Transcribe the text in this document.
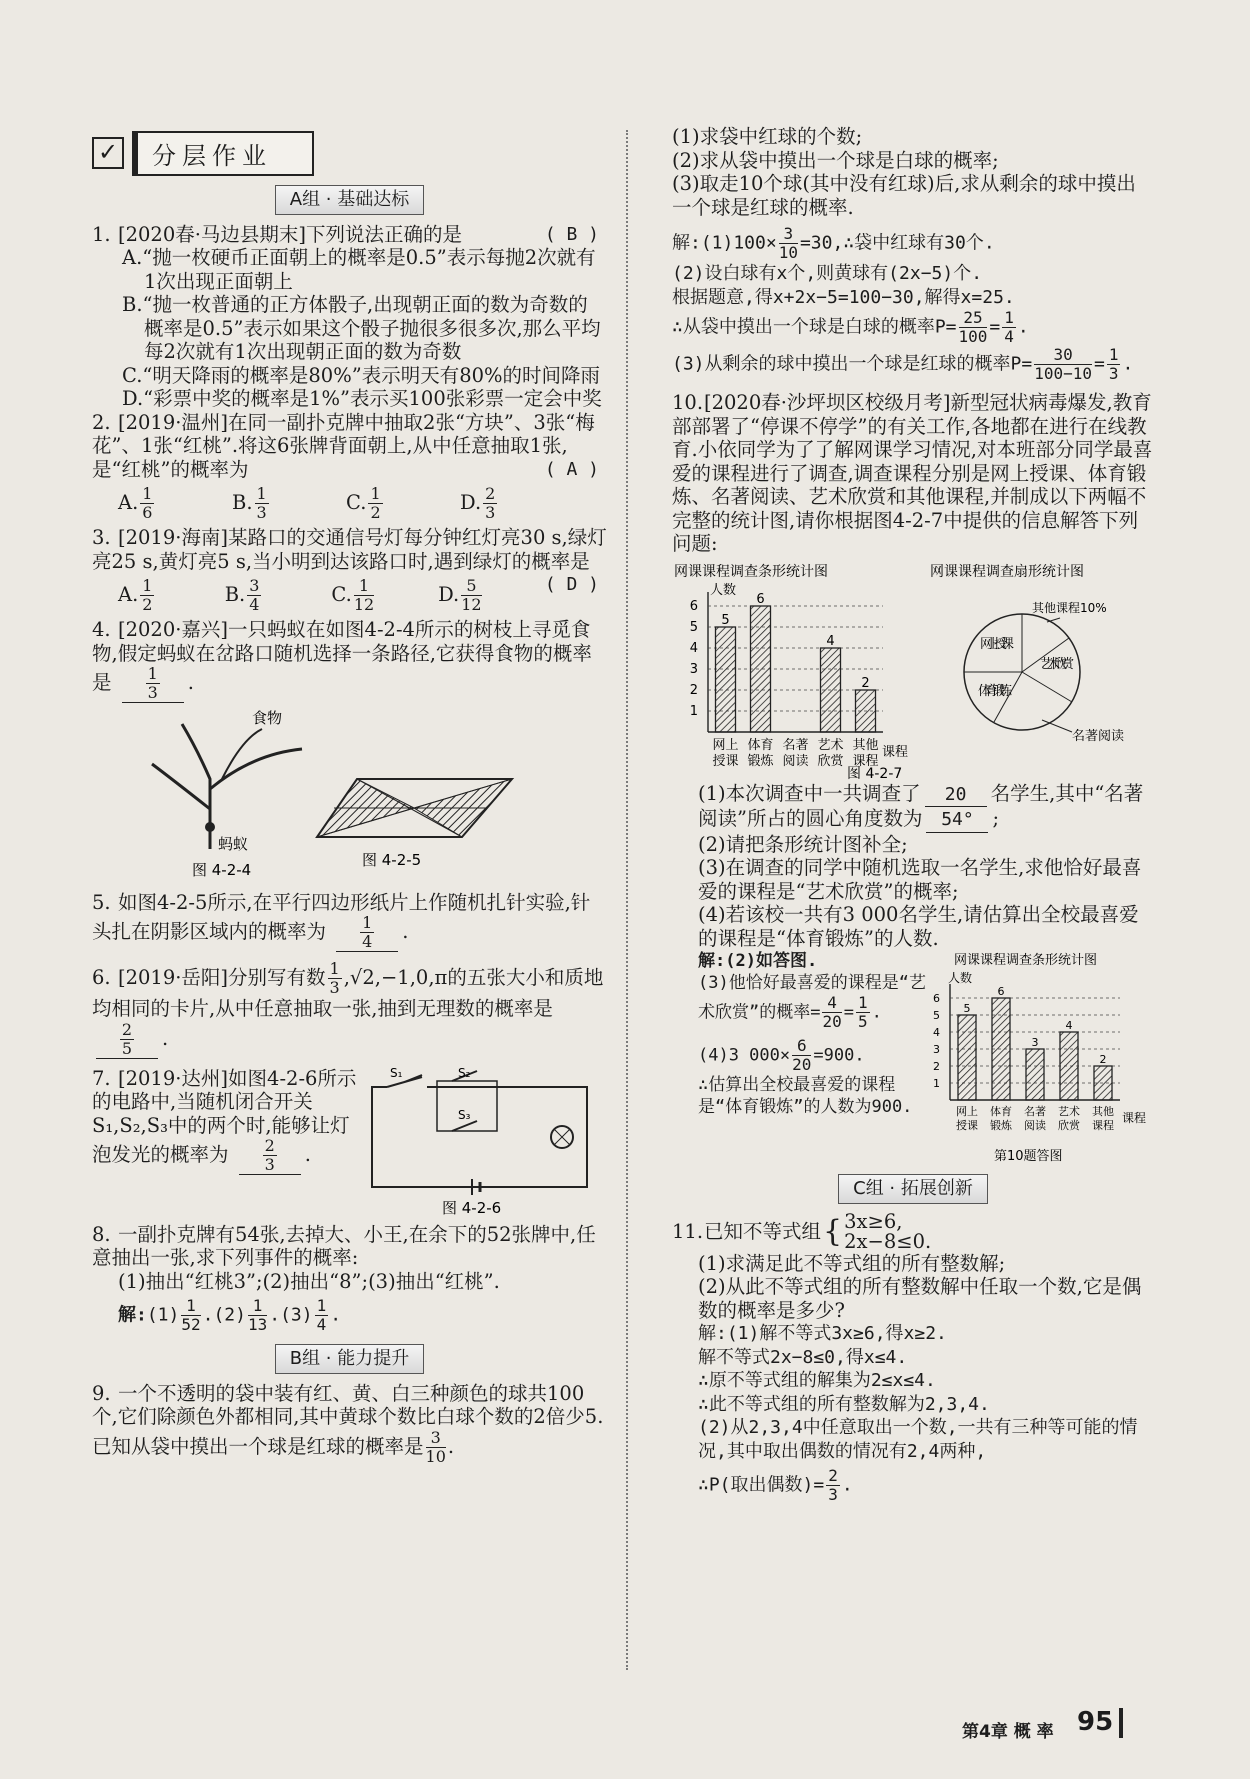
✓	分层作业
A组 · 基础达标
1. [2020春·马边县期末]下列说法正确的是	( B )
A.“抛一枚硬币正面朝上的概率是0.5”表示每抛2次就有1次出现正面朝上
B.“抛一枚普通的正方体骰子,出现朝正面的数为奇数的概率是0.5”表示如果这个骰子抛很多很多次,那么平均每2次就有1次出现朝正面的数为奇数
C.“明天降雨的概率是80%”表示明天有80%的时间降雨
D.“彩票中奖的概率是1%”表示买100张彩票一定会中奖
2. [2019·温州]在同一副扑克牌中抽取2张“方块”、3张“梅花”、1张“红桃”.将这6张牌背面朝上,从中任意抽取1张,是“红桃”的概率为	( A )
A. $\frac{1}{6}$	B. $\frac{1}{3}$	C. $\frac{1}{2}$	D. $\frac{2}{3}$
3. [2019·海南]某路口的交通信号灯每分钟红灯亮30 s,绿灯亮25 s,黄灯亮5 s,当小明到达该路口时,遇到绿灯的概率是
( D )
A. $\frac{1}{2}$	B. $\frac{3}{4}$	C. $\frac{1}{12}$	D. $\frac{5}{12}$
4. [2020·嘉兴]一只蚂蚁在如图4-2-4所示的树枝上寻觅食物,假定蚂蚁在岔路口随机选择一条路径,它获得食物的概率是 $\frac{1}{3}$ .
食物
蚂蚁
图 4-2-4
图 4-2-5
5. 如图4-2-5所示,在平行四边形纸片上作随机扎针实验,针头扎在阴影区域内的概率为 $\frac{1}{4}$ .
6. [2019·岳阳]分别写有数 $\frac{1}{3} ,√2,-1,0,\pi$的五张大小和质地均相同的卡片,从中任意抽取一张,抽到无理数的概率是
$\frac{2}{5}$ .
7. [2019·达州]如图4-2-6所示的电路中,当随机闭合开关S₁,S₂,S₃中的两个时,能够让灯泡发光的概率为 $\frac{2}{3}$ .
S₁	S₂
S₃
图 4-2-6
8. 一副扑克牌有54张,去掉大、小王,在余下的52张牌中,任意抽出一张,求下列事件的概率:
(1)抽出“红桃3”;(2)抽出“8”;(3)抽出“红桃”.
解:(1) $\frac{1}{52} .(2) \frac{1}{13} .(3) \frac{1}{4}$ .
B组 · 能力提升
9. 一个不透明的袋中装有红、黄、白三种颜色的球共100个,它们除颜色外都相同,其中黄球个数比白球个数的2倍少5.已知从袋中摸出一个球是红球的概率是 $\frac{3}{10}$ .
(1)求袋中红球的个数;
(2)求从袋中摸出一个球是白球的概率;
(3)取走10个球(其中没有红球)后,求从剩余的球中摸出一个球是红球的概率.
解:(1)100× $\frac{3}{10}$ =30,∴袋中红球有30个.
(2)设白球有x个,则黄球有(2x−5)个.
根据题意,得x+2x−5=100−30,解得x=25.
∴从袋中摸出一个球是白球的概率$P= \frac{25}{100} = \frac{1}{4}$ .
(3)从剩余的球中摸出一个球是红球的概率$P= \frac{30}{100-10} = \frac{1}{3}$ .
10.[2020春·沙坪坝区校级月考]新型冠状病毒爆发,教育部部署了“停课不停学”的有关工作,各地都在进行在线教育.小依同学为了了解网课学习情况,对本班部分同学最喜爱的课程进行了调查,调查课程分别是网上授课、体育锻炼、名著阅读、艺术欣赏和其他课程,并制成以下两幅不完整的统计图,请你根据图4-2-7中提供的信息解答下列问题:
网课课程调查条形统计图
人数
课程
图 4-2-7
1
2
3
4
5
6
网上
授课
5
体育
锻炼
6
名著
阅读
艺术
欣赏
4
其他
课程
2
网课课程调查扇形统计图
其他课程10%
网上授课
艺术欣赏
体育锻炼
名著阅读
(1)本次调查中一共调查了 20 名学生,其中“名著阅读”所占的圆心角度数为 54° ;
(2)请把条形统计图补全;
(3)在调查的同学中随机选取一名学生,求他恰好最喜爱的课程是“艺术欣赏”的概率;
(4)若该校一共有3 000名学生,请估算出全校最喜爱的课程是“体育锻炼”的人数.
解:(2)如答图.
(3)他恰好最喜爱的课程是“艺术欣赏”的概率= $\frac{4}{20} = \frac{1}{5}$ .
(4)3 $000\times \frac{6}{20} =900$.
∴估算出全校最喜爱的课程是“体育锻炼”的人数为900.
网课课程调查条形统计图
人数
课程
第10题答图
1
2
3
4
5
6
网上
授课
5
体育
锻炼
6
名著
阅读
3
艺术
欣赏
4
其他
课程
2
C组 · 拓展创新
11. 已知不等式组 { 3x≥6,
2x−8≤0.
(1)求满足此不等式组的所有整数解;
(2)从此不等式组的所有整数解中任取一个数,它是偶数的概率是多少?
解:(1)解不等式3x≥6,得x≥2.
解不等式2x−8≤0,得x≤4.
∴原不等式组的解集为2≤x≤4.
∴此不等式组的所有整数解为2,3,4.
(2)从2,3,4中任意取出一个数,一共有三种等可能的情况,其中取出偶数的情况有2,4两种,
∴P(取出偶数)= $\frac{2}{3}$ .
第4章 概 率 95
